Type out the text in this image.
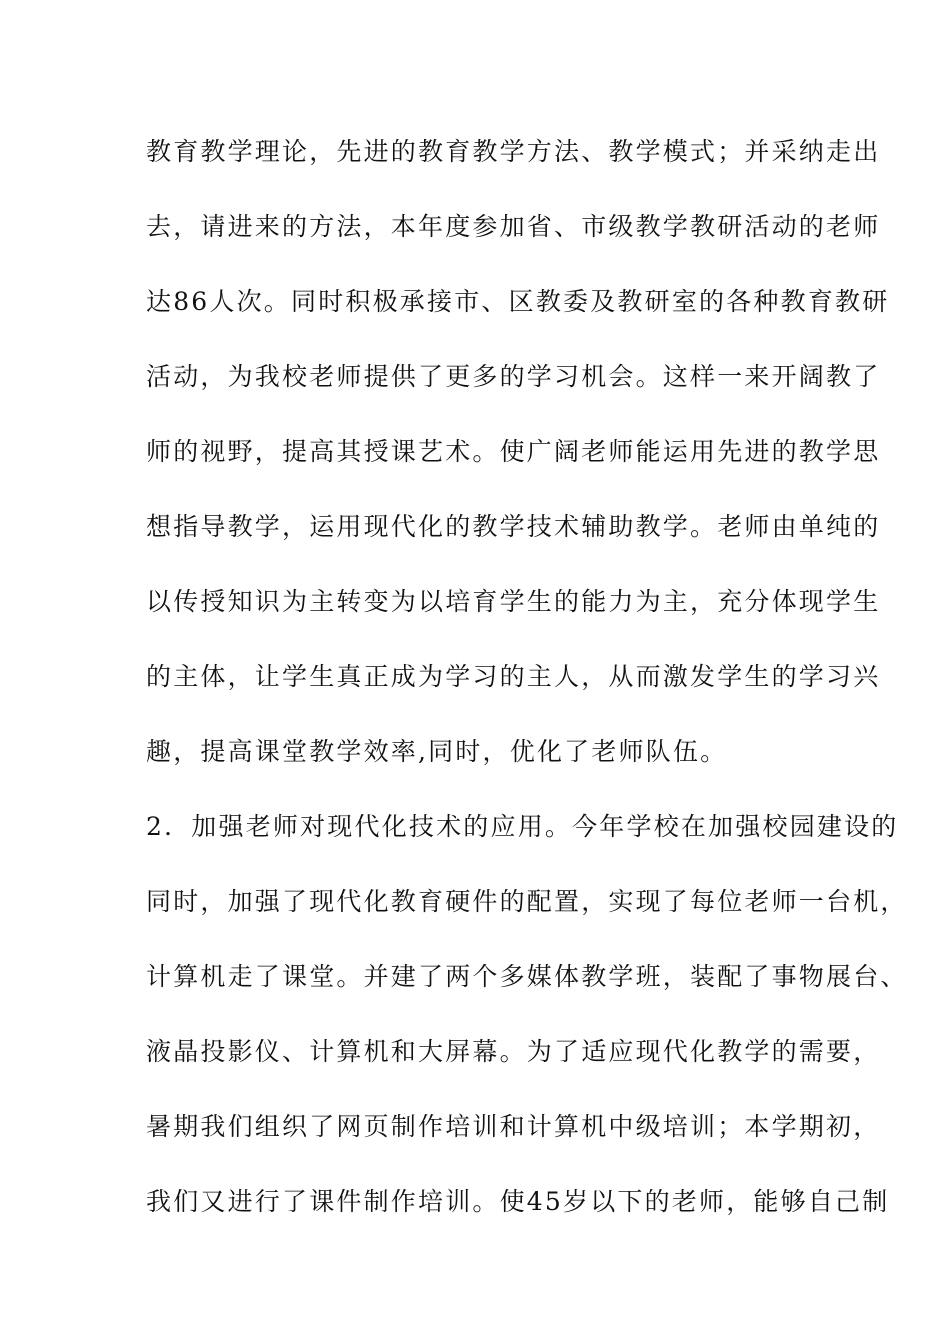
教育教学理论，先进的教育教学方法、教学模式；并采纳走出
去，请进来的方法，本年度参加省、市级教学教研活动的老师
达86人次。同时积极承接市、区教委及教研室的各种教育教研
活动，为我校老师提供了更多的学习机会。这样一来开阔教了
师的视野，提高其授课艺术。使广阔老师能运用先进的教学思
想指导教学，运用现代化的教学技术辅助教学。老师由单纯的
以传授知识为主转变为以培育学生的能力为主，充分体现学生
的主体，让学生真正成为学习的主人，从而激发学生的学习兴
趣，提高课堂教学效率,同时，优化了老师队伍。
2．加强老师对现代化技术的应用。今年学校在加强校园建设的
同时，加强了现代化教育硬件的配置，实现了每位老师一台机，
计算机走了课堂。并建了两个多媒体教学班，装配了事物展台、
液晶投影仪、计算机和大屏幕。为了适应现代化教学的需要，
暑期我们组织了网页制作培训和计算机中级培训；本学期初，
我们又进行了课件制作培训。使45岁以下的老师，能够自己制
